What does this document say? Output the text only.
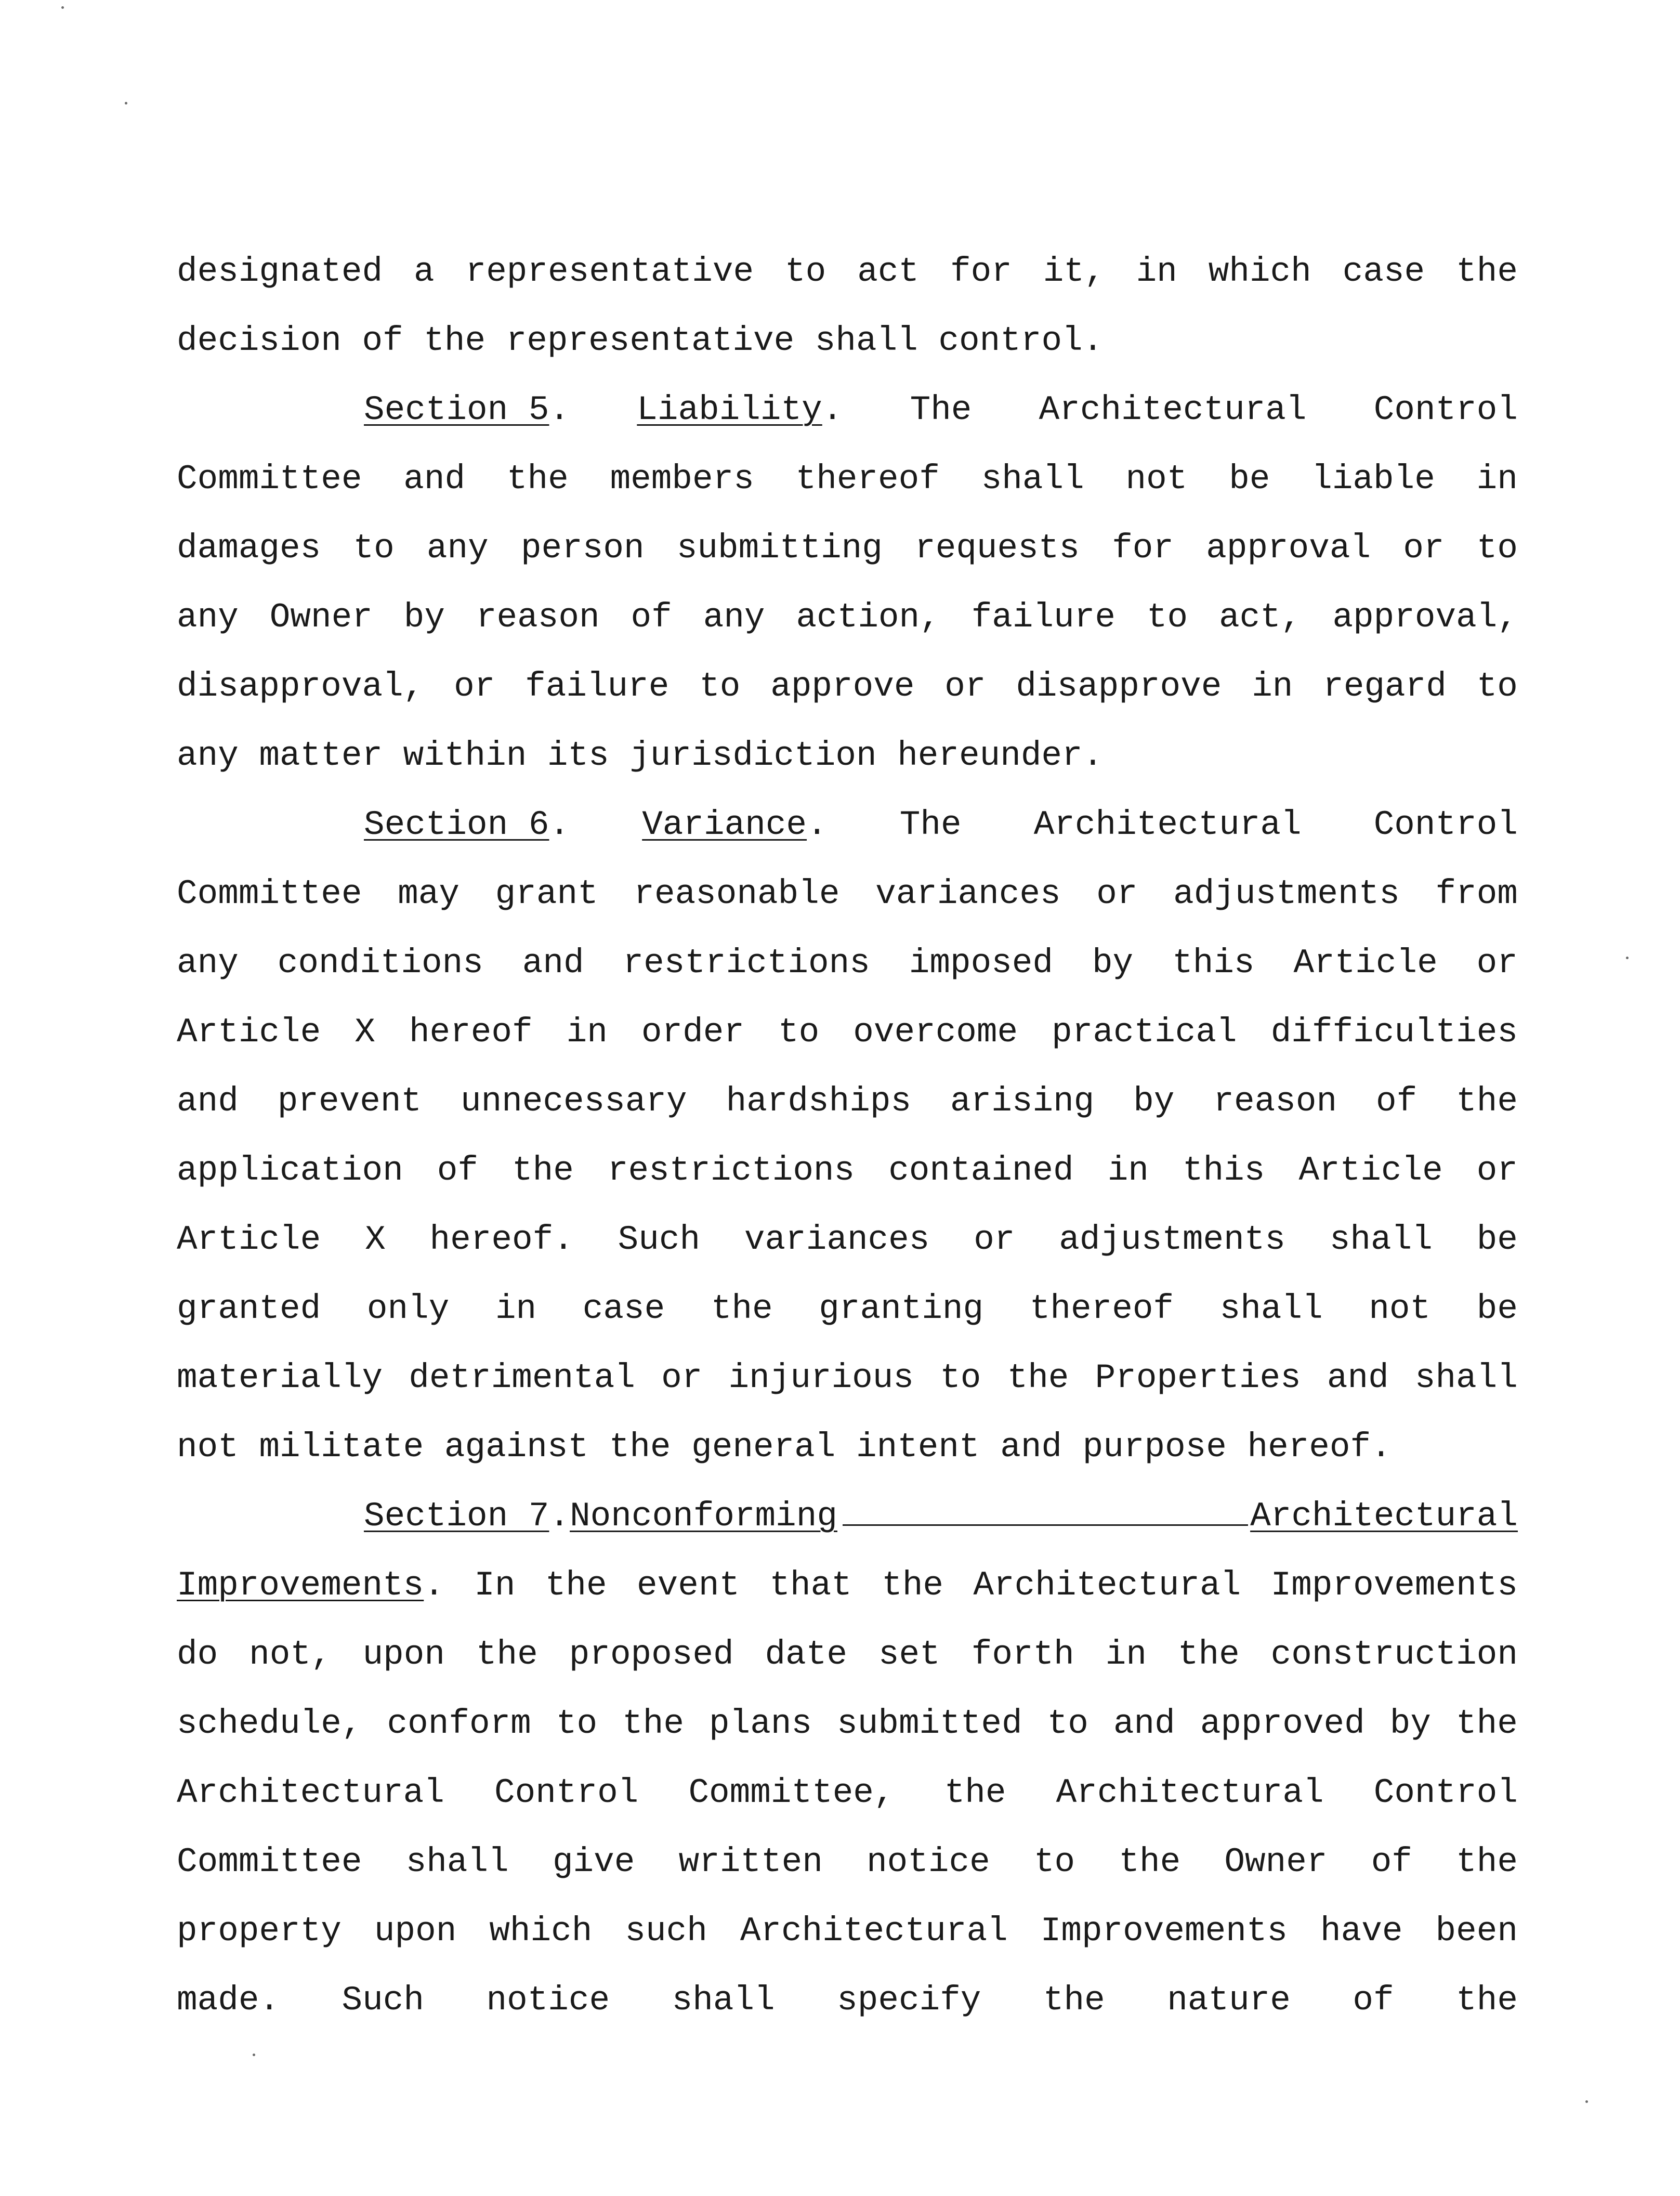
designated a representative to act for it, in which case the
decision of the representative shall control.
Section 5. Liability. The Architectural Control
Committee and the members thereof shall not be liable in
damages to any person submitting requests for approval or to
any Owner by reason of any action, failure to act, approval,
disapproval, or failure to approve or disapprove in regard to
any matter within its jurisdiction hereunder.
Section 6. Variance. The Architectural Control
Committee may grant reasonable variances or adjustments from
any conditions and restrictions imposed by this Article or
Article X hereof in order to overcome practical difficulties
and prevent unnecessary hardships arising by reason of the
application of the restrictions contained in this Article or
Article X hereof. Such variances or adjustments shall be
granted only in case the granting thereof shall not be
materially detrimental or injurious to the Properties and shall
not militate against the general intent and purpose hereof.
Section 7. Nonconforming	Architectural
Improvements. In the event that the Architectural Improvements
do not, upon the proposed date set forth in the construction
schedule, conform to the plans submitted to and approved by the
Architectural Control Committee, the Architectural Control
Committee shall give written notice to the Owner of the
property upon which such Architectural Improvements have been
made. Such notice shall specify the nature of the
